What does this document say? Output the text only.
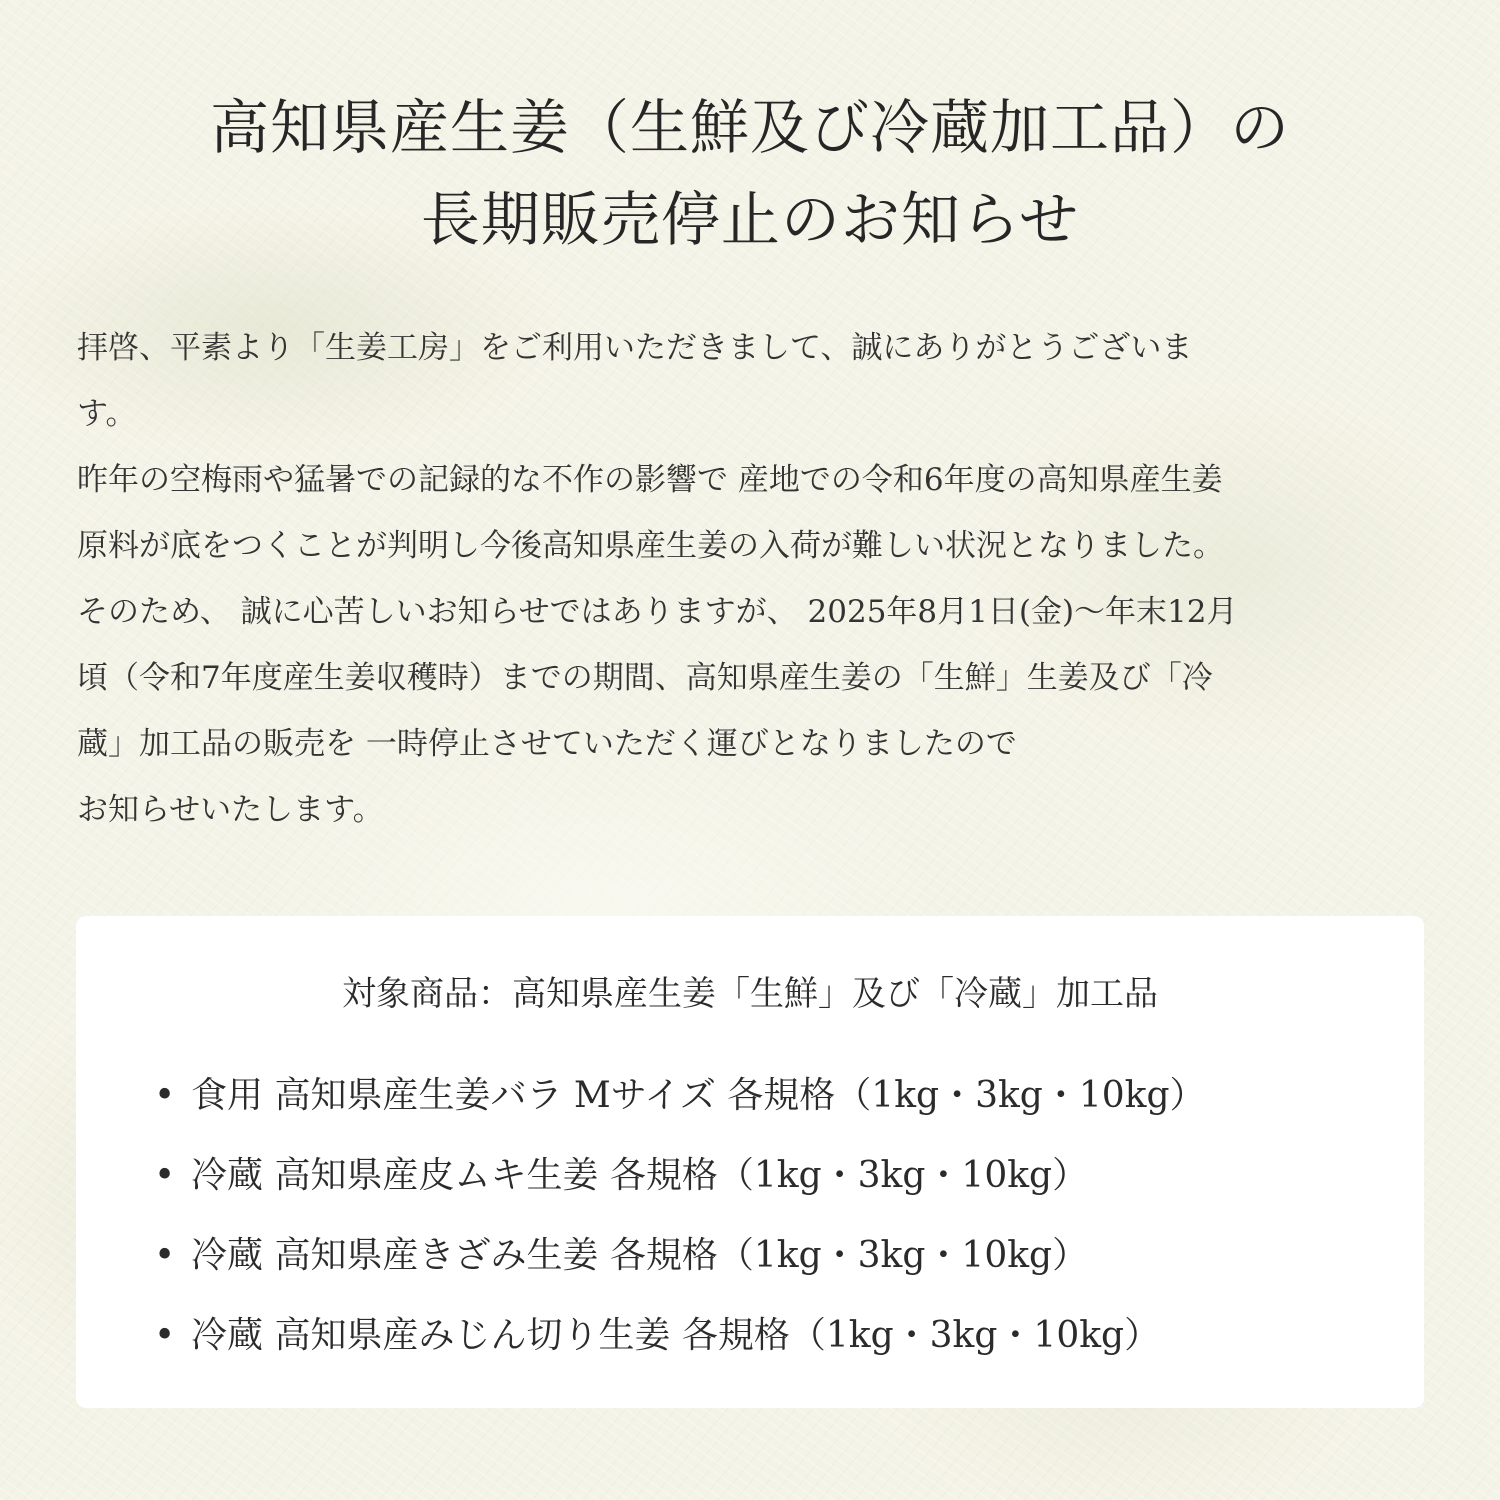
高知県産生姜（生鮮及び冷蔵加工品）の
長期販売停止のお知らせ

拝啓、平素より「生姜工房」をご利用いただきまして、誠にありがとうございま

す。

昨年の空梅雨や猛暑での記録的な不作の影響で 産地での令和6年度の高知県産生姜

原料が底をつくことが判明し今後高知県産生姜の入荷が難しい状況となりました。

そのため、 誠に心苦しいお知らせではありますが、 2025年8月1日(金)～年末12月

頃（令和7年度産生姜収穫時）までの期間、高知県産生姜の「生鮮」生姜及び「冷

蔵」加工品の販売を 一時停止させていただく運びとなりましたので

お知らせいたします。

対象商品：高知県産生姜「生鮮」及び「冷蔵」加工品
• 食用 高知県産生姜バラ Mサイズ 各規格（1kg・3kg・10kg）
• 冷蔵 高知県産皮ムキ生姜 各規格（1kg・3kg・10kg）
• 冷蔵 高知県産きざみ生姜 各規格（1kg・3kg・10kg）
• 冷蔵 高知県産みじん切り生姜 各規格（1kg・3kg・10kg）
